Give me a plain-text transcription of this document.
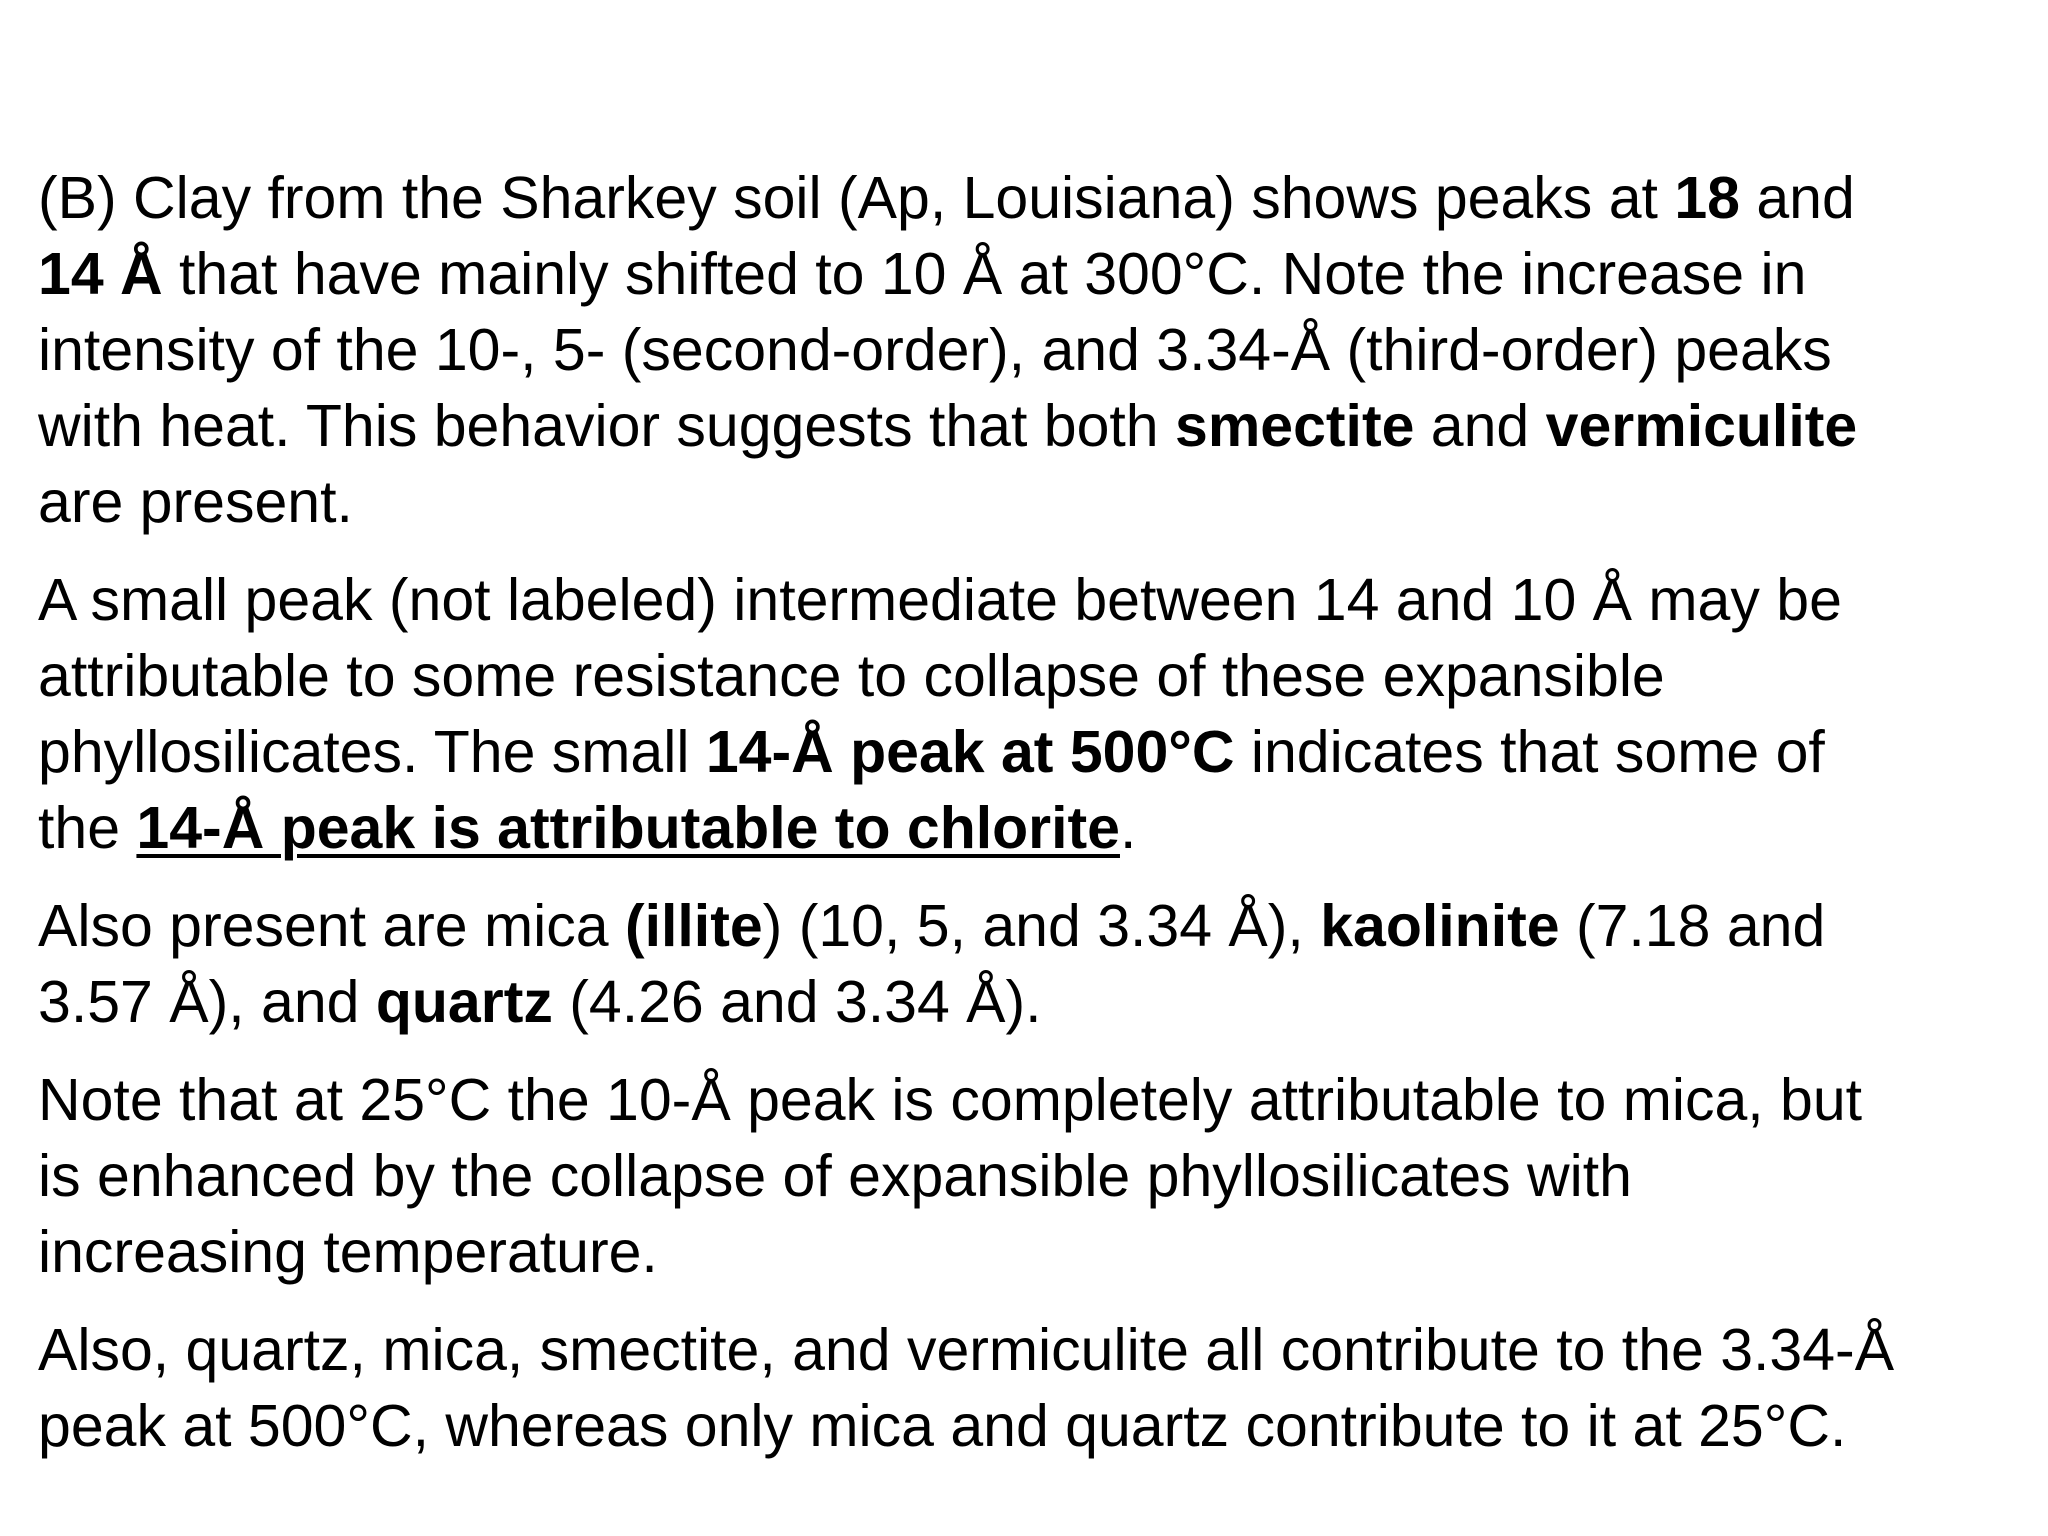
(B) Clay from the Sharkey soil (Ap, Louisiana) shows peaks at 18 and
14 Å that have mainly shifted to 10 Å at 300°C. Note the increase in
intensity of the 10-, 5- (second-order), and 3.34-Å (third-order) peaks
with heat. This behavior suggests that both smectite and vermiculite
are present.
A small peak (not labeled) intermediate between 14 and 10 Å may be
attributable to some resistance to collapse of these expansible
phyllosilicates. The small 14-Å peak at 500°C indicates that some of
the 14-Å peak is attributable to chlorite.
Also present are mica (illite) (10, 5, and 3.34 Å), kaolinite (7.18 and
3.57 Å), and quartz (4.26 and 3.34 Å).
Note that at 25°C the 10-Å peak is completely attributable to mica, but
is enhanced by the collapse of expansible phyllosilicates with
increasing temperature.
Also, quartz, mica, smectite, and vermiculite all contribute to the 3.34-Å
peak at 500°C, whereas only mica and quartz contribute to it at 25°C.
